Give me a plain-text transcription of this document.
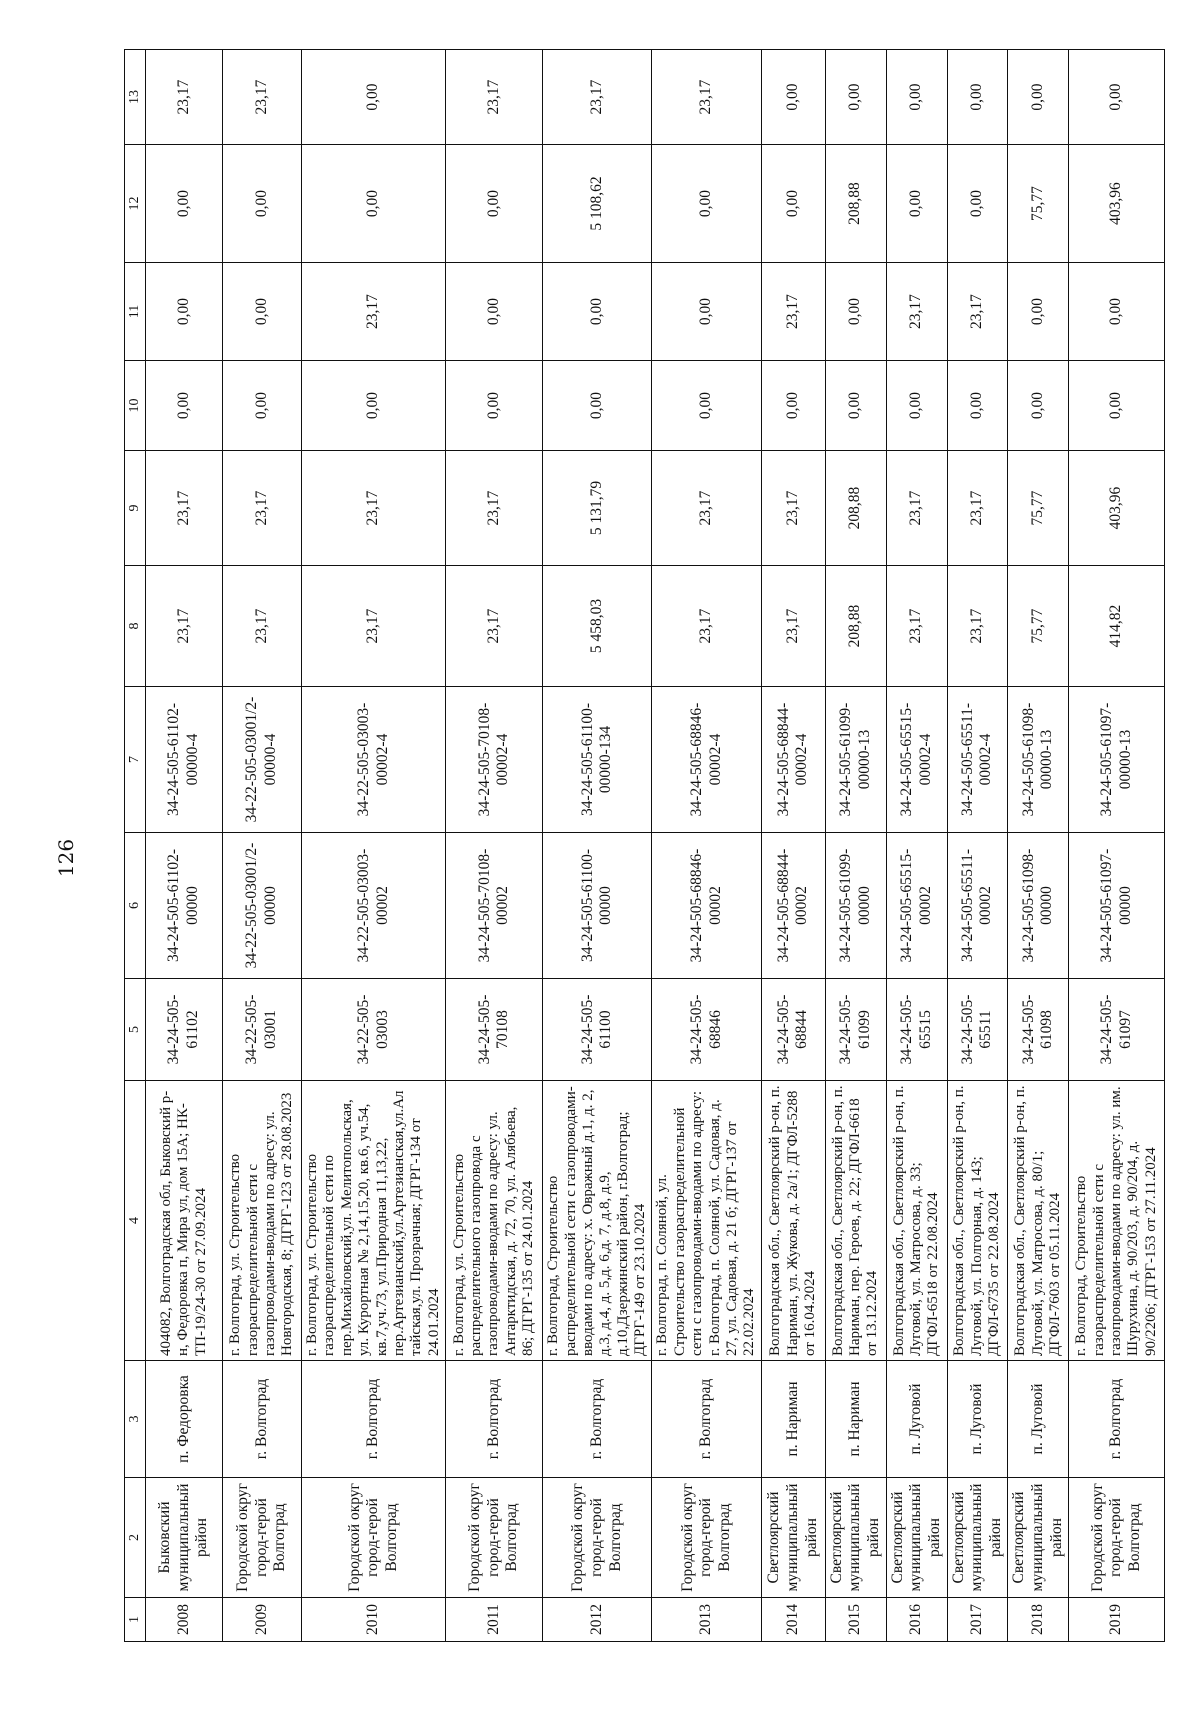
126
1	2	3	4	5	6	7	8	9	10	11	12	13
2008	Быковский муниципальный район	п. Федоровка	404082, Волгоградская обл, Быковский р-н, Федоровка п, Мира ул, дом 15А; НК-ТП-19/24-30 от 27.09.2024	34-24-505-61102	34-24-505-61102-00000	34-24-505-61102-00000-4	23,17	23,17	0,00	0,00	0,00	23,17
2009	Городской округ город-герой Волгоград	г. Волгоград	г. Волгоград, ул. Строительство газораспределительной сети с газопроводами-вводами по адресу: ул. Новгородская, 8; ДГРГ-123 от 28.08.2023	34-22-505-03001	34-22-505-03001/2-00000	34-22-505-03001/2-00000-4	23,17	23,17	0,00	0,00	0,00	23,17
2010	Городской округ город-герой Волгоград	г. Волгоград	г. Волгоград, ул. Строительство газораспределительной сети по пер.Михайловский,ул. Мелитопольская, ул. Курортная № 2,14,15,20, кв.6, уч.54, кв.7,уч.73, ул.Природная 11,13,22, пер.Артезианский,ул.Артезианская,ул.Алтайская,ул. Прозрачная; ДГРГ-134 от 24.01.2024	34-22-505-03003	34-22-505-03003-00002	34-22-505-03003-00002-4	23,17	23,17	0,00	23,17	0,00	0,00
2011	Городской округ город-герой Волгоград	г. Волгоград	г. Волгоград, ул. Строительство распределительного газопровода с газопроводами-вводами по адресу: ул. Антарктидская, д. 72, 70, ул. Алябьева, 86; ДГРГ-135 от 24.01.2024	34-24-505-70108	34-24-505-70108-00002	34-24-505-70108-00002-4	23,17	23,17	0,00	0,00	0,00	23,17
2012	Городской округ город-герой Волгоград	г. Волгоград	г. Волгоград, Строительство распределительной сети с газопроводами-вводами по адресу: х. Овражный д.1, д. 2, д.3, д.4, д. 5,д. 6,д. 7, д.8, д.9, д.10,Дзержинский район, г.Волгоград; ДГРГ-149 от 23.10.2024	34-24-505-61100	34-24-505-61100-00000	34-24-505-61100-00000-134	5 458,03	5 131,79	0,00	0,00	5 108,62	23,17
2013	Городской округ город-герой Волгоград	г. Волгоград	г. Волгоград, п. Соляной, ул. Строительство газораспределительной сети с газопроводами-вводами по адресу: г. Волгоград, п. Соляной, ул. Садовая, д. 27, ул. Садовая, д. 21 б; ДГРГ-137 от 22.02.2024	34-24-505-68846	34-24-505-68846-00002	34-24-505-68846-00002-4	23,17	23,17	0,00	0,00	0,00	23,17
2014	Светлоярский муниципальный район	п. Нариман	Волгоградская обл., Светлоярский р-он, п. Нариман, ул. Жукова, д. 2а/1; ДГФЛ-5288 от 16.04.2024	34-24-505-68844	34-24-505-68844-00002	34-24-505-68844-00002-4	23,17	23,17	0,00	23,17	0,00	0,00
2015	Светлоярский муниципальный район	п. Нариман	Волгоградская обл., Светлоярский р-он, п. Нариман, пер. Героев, д. 22; ДГФЛ-6618 от 13.12.2024	34-24-505-61099	34-24-505-61099-00000	34-24-505-61099-00000-13	208,88	208,88	0,00	0,00	208,88	0,00
2016	Светлоярский муниципальный район	п. Луговой	Волгоградская обл., Светлоярский р-он, п. Луговой, ул. Матросова, д. 33; ДГФЛ-6518 от 22.08.2024	34-24-505-65515	34-24-505-65515-00002	34-24-505-65515-00002-4	23,17	23,17	0,00	23,17	0,00	0,00
2017	Светлоярский муниципальный район	п. Луговой	Волгоградская обл., Светлоярский р-он, п. Луговой, ул. Полгорная, д. 143; ДГФЛ-6735 от 22.08.2024	34-24-505-65511	34-24-505-65511-00002	34-24-505-65511-00002-4	23,17	23,17	0,00	23,17	0,00	0,00
2018	Светлоярский муниципальный район	п. Луговой	Волгоградская обл., Светлоярский р-он, п. Луговой, ул. Матросова, д. 80/1; ДГФЛ-7603 от 05.11.2024	34-24-505-61098	34-24-505-61098-00000	34-24-505-61098-00000-13	75,77	75,77	0,00	0,00	75,77	0,00
2019	Городской округ город-герой Волгоград	г. Волгоград	г. Волгоград, Строительство газораспределительной сети с газопроводами-вводами по адресу: ул. им. Шурухина, д. 90/203, д. 90/204, д. 90/2206; ДГРГ-153 от 27.11.2024	34-24-505-61097	34-24-505-61097-00000	34-24-505-61097-00000-13	414,82	403,96	0,00	0,00	403,96	0,00
